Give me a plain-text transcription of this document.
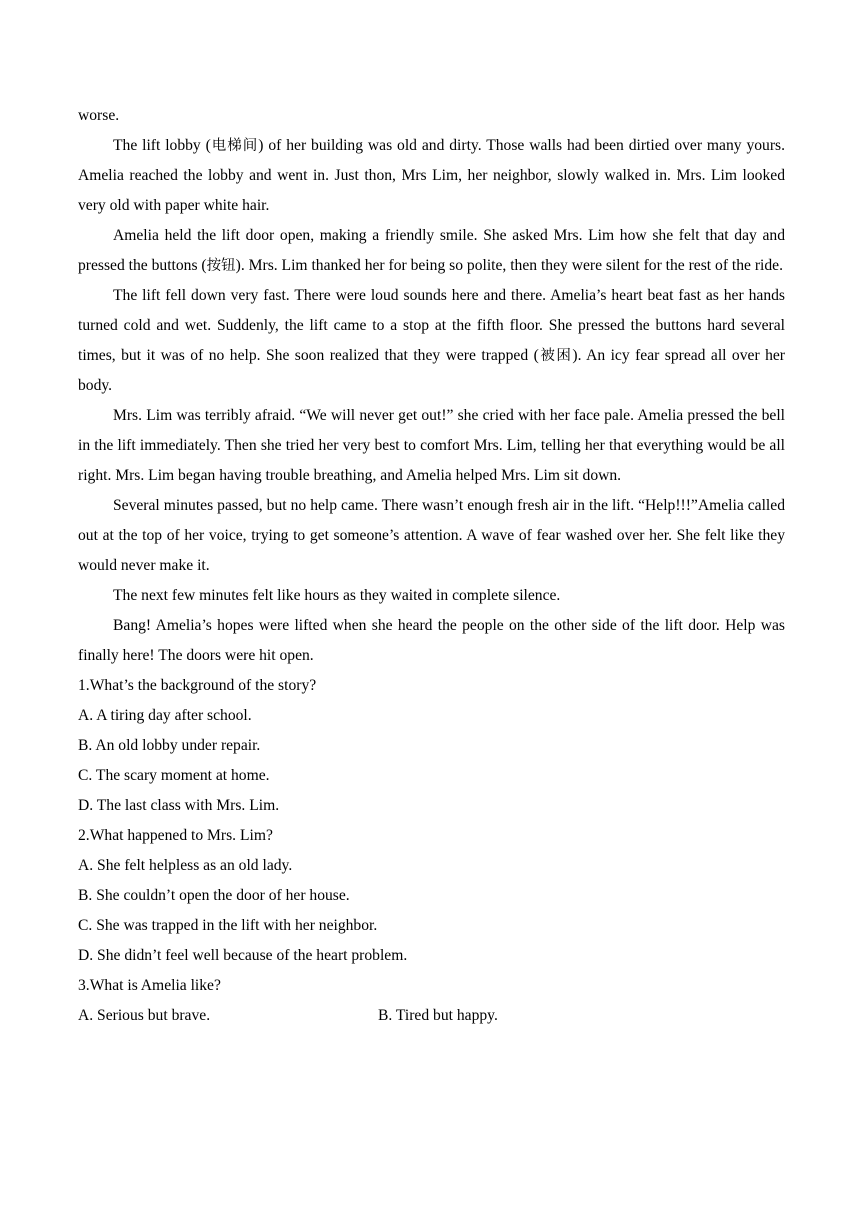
worse.

The lift lobby (电梯间) of her building was old and dirty. Those walls had been dirtied over many yours. Amelia reached the lobby and went in. Just thon, Mrs Lim, her neighbor, slowly walked in. Mrs. Lim looked very old with paper white hair.

Amelia held the lift door open, making a friendly smile. She asked Mrs. Lim how she felt that day and pressed the buttons (按钮). Mrs. Lim thanked her for being so polite, then they were silent for the rest of the ride.

The lift fell down very fast. There were loud sounds here and there. Amelia’s heart beat fast as her hands turned cold and wet. Suddenly, the lift came to a stop at the fifth floor. She pressed the buttons hard several times, but it was of no help. She soon realized that they were trapped (被困). An icy fear spread all over her body.

Mrs. Lim was terribly afraid. “We will never get out!” she cried with her face pale. Amelia pressed the bell in the lift immediately. Then she tried her very best to comfort Mrs. Lim, telling her that everything would be all right. Mrs. Lim began having trouble breathing, and Amelia helped Mrs. Lim sit down.

Several minutes passed, but no help came. There wasn’t enough fresh air in the lift. “Help!!!”Amelia called out at the top of her voice, trying to get someone’s attention. A wave of fear washed over her. She felt like they would never make it.

The next few minutes felt like hours as they waited in complete silence.

Bang! Amelia’s hopes were lifted when she heard the people on the other side of the lift door. Help was finally here! The doors were hit open.

1.What’s the background of the story?
A. A tiring day after school.
B. An old lobby under repair.
C. The scary moment at home.
D. The last class with Mrs. Lim.
2.What happened to Mrs. Lim?
A. She felt helpless as an old lady.
B. She couldn’t open the door of her house.
C. She was trapped in the lift with her neighbor.
D. She didn’t feel well because of the heart problem.
3.What is Amelia like?
A. Serious but brave.	B. Tired but happy.
